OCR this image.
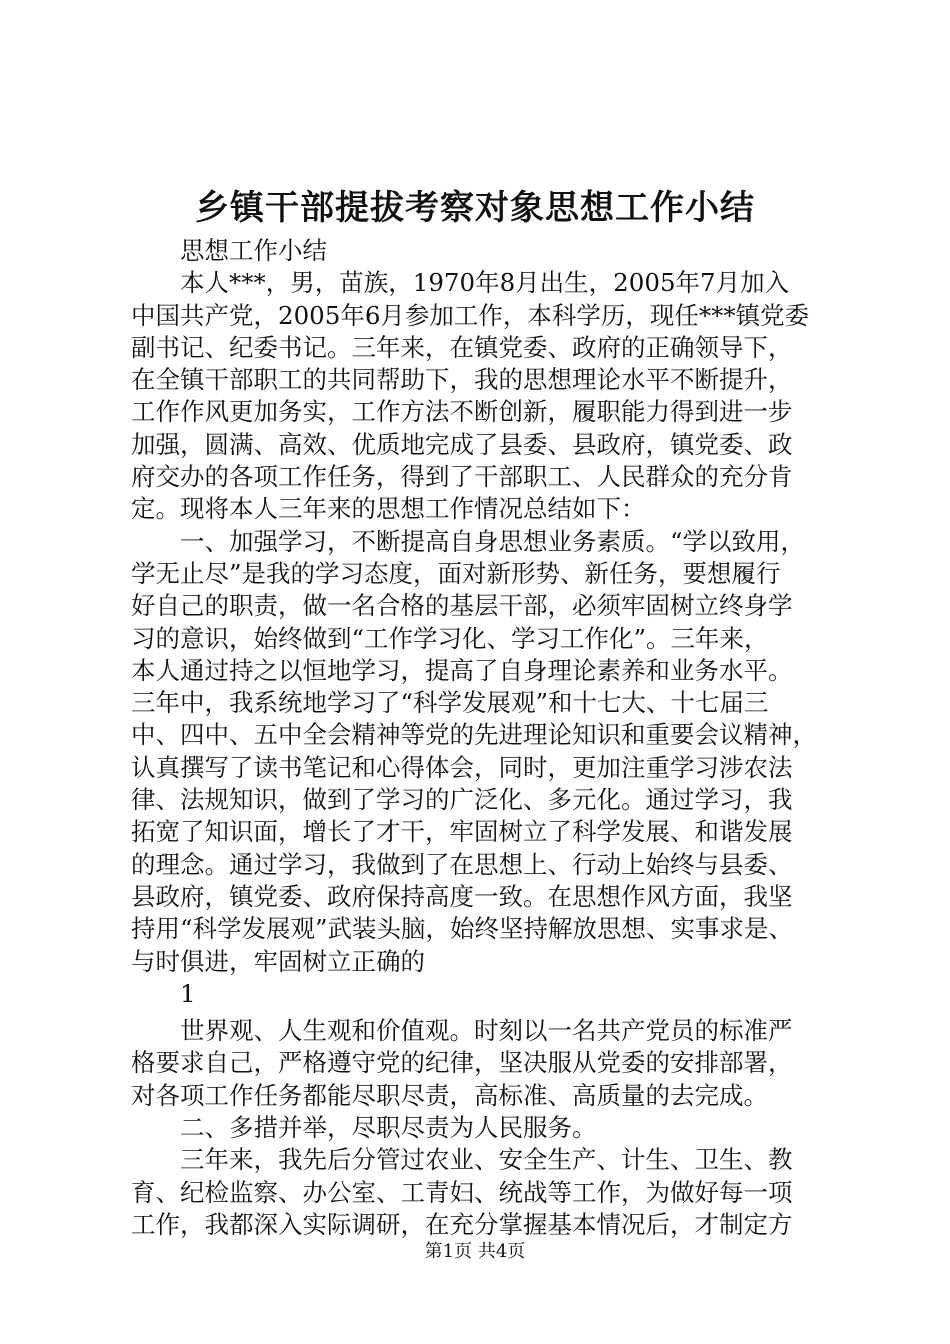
乡镇干部提拔考察对象思想工作小结
思想工作小结
本人***，男，苗族，1970年8月出生，2005年7月加入
中国共产党，2005年6月参加工作，本科学历，现任***镇党委
副书记、纪委书记。三年来，在镇党委、政府的正确领导下，
在全镇干部职工的共同帮助下，我的思想理论水平不断提升，
工作作风更加务实，工作方法不断创新，履职能力得到进一步
加强，圆满、高效、优质地完成了县委、县政府，镇党委、政
府交办的各项工作任务，得到了干部职工、人民群众的充分肯
定。现将本人三年来的思想工作情况总结如下：
一、加强学习，不断提高自身思想业务素质。“学以致用，
学无止尽”是我的学习态度，面对新形势、新任务，要想履行
好自己的职责，做一名合格的基层干部，必须牢固树立终身学
习的意识，始终做到“工作学习化、学习工作化”。三年来，
本人通过持之以恒地学习，提高了自身理论素养和业务水平。
三年中，我系统地学习了“科学发展观”和十七大、十七届三
中、四中、五中全会精神等党的先进理论知识和重要会议精神，
认真撰写了读书笔记和心得体会，同时，更加注重学习涉农法
律、法规知识，做到了学习的广泛化、多元化。通过学习，我
拓宽了知识面，增长了才干，牢固树立了科学发展、和谐发展
的理念。通过学习，我做到了在思想上、行动上始终与县委、
县政府，镇党委、政府保持高度一致。在思想作风方面，我坚
持用“科学发展观”武装头脑，始终坚持解放思想、实事求是、
与时俱进，牢固树立正确的
1
世界观、人生观和价值观。时刻以一名共产党员的标准严
格要求自己，严格遵守党的纪律，坚决服从党委的安排部署，
对各项工作任务都能尽职尽责，高标准、高质量的去完成。
二、多措并举，尽职尽责为人民服务。
三年来，我先后分管过农业、安全生产、计生、卫生、教
育、纪检监察、办公室、工青妇、统战等工作，为做好每一项
工作，我都深入实际调研，在充分掌握基本情况后，才制定方
第1页 共4页
